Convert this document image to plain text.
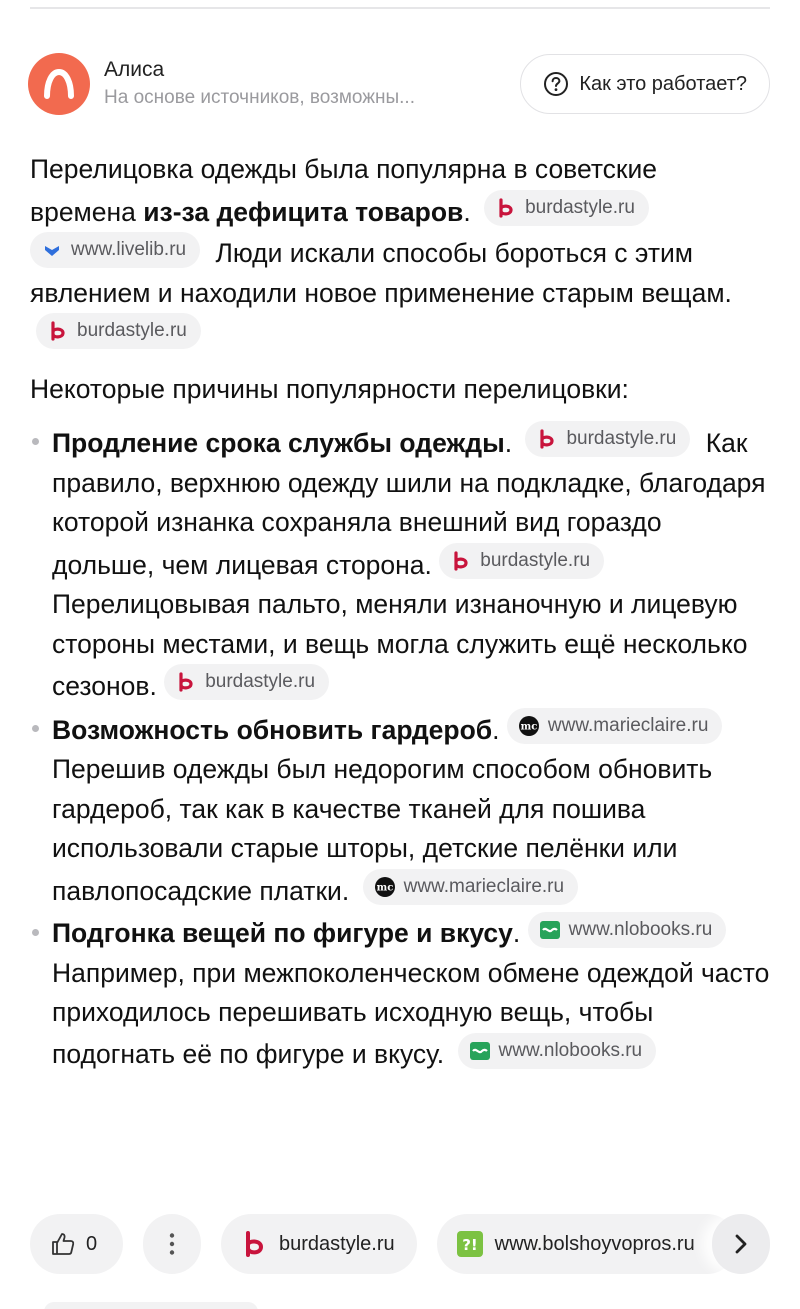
Алиса
На основе источников, возможны...
Как это работает?

Перелицовка одежды была популярна в советские времена из-за дефицита товаров.	burdastyle.ru

www.livelib.ru Люди искали способы бороться с этим явлением и находили новое применение старым вещам.
burdastyle.ru

Некоторые причины популярности перелицовки:

Продление срока службы одежды.	burdastyle.ru Как правило, верхнюю одежду шили на подкладке, благодаря которой изнанка сохраняла внешний вид гораздо дольше, чем лицевая сторона.	burdastyle.ru
Перелицовывая пальто, меняли изнаночную и лицевую стороны местами, и вещь могла служить ещё несколько сезонов.	burdastyle.ru
Возможность обновить гардероб. mc www.marieclaire.ru
Перешив одежды был недорогим способом обновить гардероб, так как в качестве тканей для пошива использовали старые шторы, детские пелёнки или павлопосадские платки.	mc www.marieclaire.ru
Подгонка вещей по фигуре и вкусу.	www.nlobooks.ru
Например, при межпоколенческом обмене одеждой часто приходилось перешивать исходную вещь, чтобы подогнать её по фигуре и вкусу.	www.nlobooks.ru
0	burdastyle.ru	?! www.bolshoyvopros.ru
